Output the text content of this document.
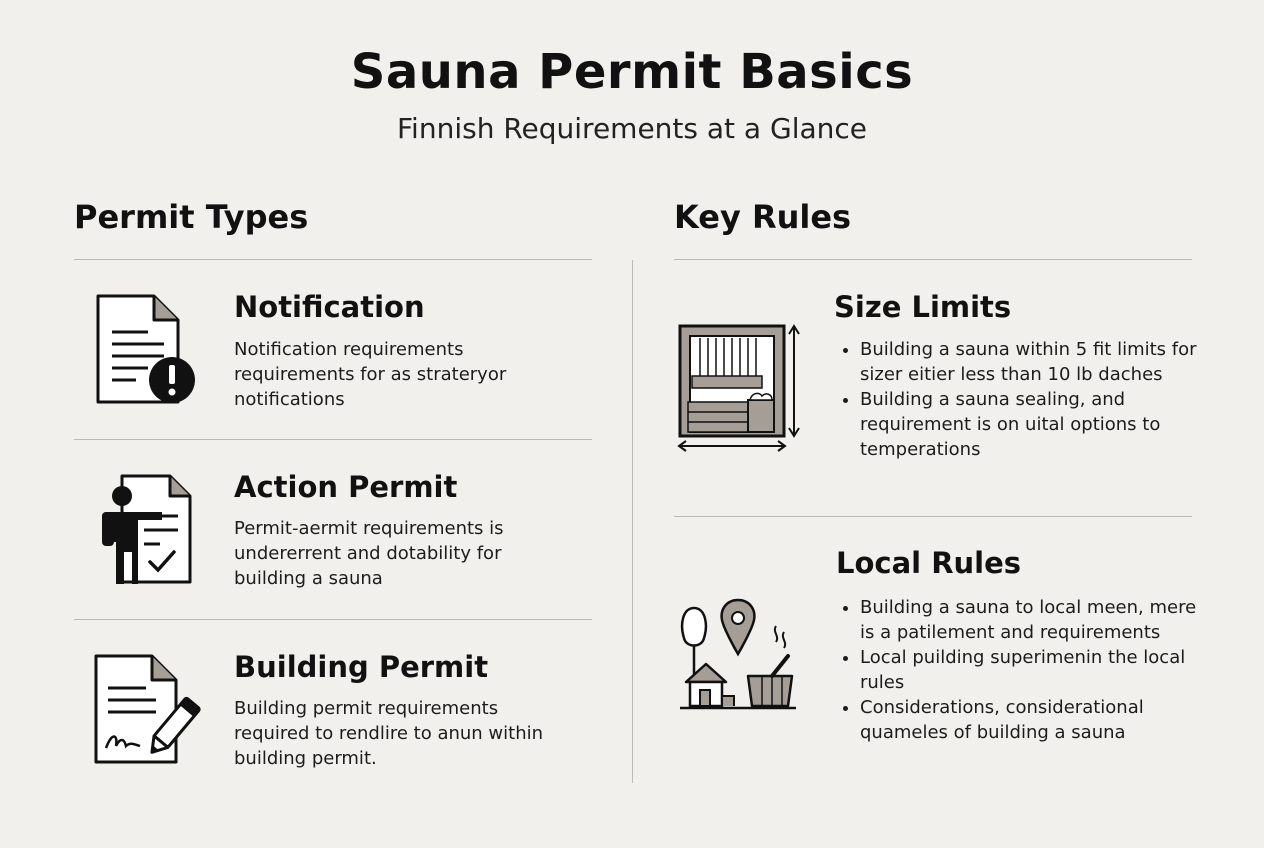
Sauna Permit Basics
Finnish Requirements at a Glance
Permit Types
Notification
Notification requirements requirements for as strateryor notifications
Action Permit
Permit-aermit requirements is undererrent and dotability for building a sauna
Building Permit
Building permit requirements required to rendlire to anun within building permit.
Key Rules
Size Limits
• Building a sauna within 5 fit limits for sizer eitier less than 10 lb daches
• Building a sauna sealing, and requirement is on uital options to temperations
Local Rules
• Building a sauna to local meen, mere is a patilement and requirements
• Local puilding superimenin the local rules
• Considerations, considerational quameles of building a sauna
